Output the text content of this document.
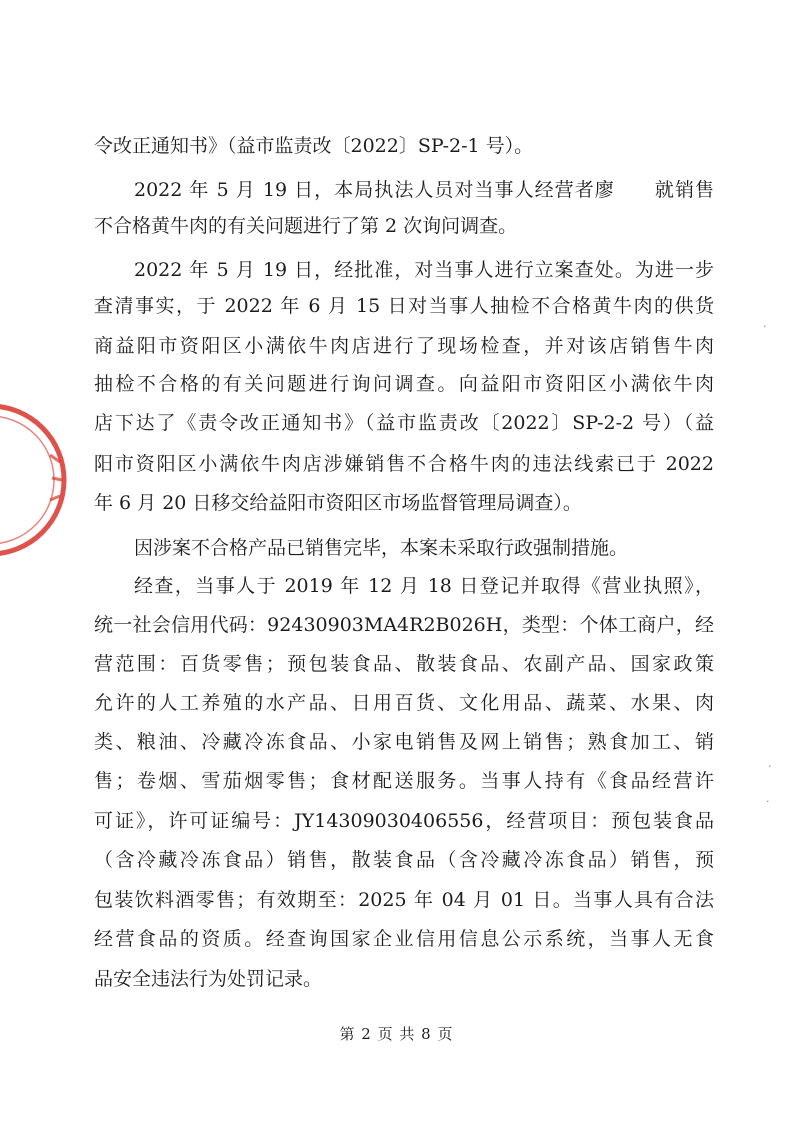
令改正通知书》（益市监责改〔2022〕SP-2-1 号）。
2022 年 5 月 19 日，本局执法人员对当事人经营者廖　　就销售
不合格黄牛肉的有关问题进行了第 2 次询问调查。
2022 年 5 月 19 日，经批准，对当事人进行立案查处。为进一步
查清事实，于 2022 年 6 月 15 日对当事人抽检不合格黄牛肉的供货
商益阳市资阳区小满依牛肉店进行了现场检查，并对该店销售牛肉
抽检不合格的有关问题进行询问调查。向益阳市资阳区小满依牛肉
店下达了《责令改正通知书》（益市监责改〔2022〕SP-2-2 号）（益
阳市资阳区小满依牛肉店涉嫌销售不合格牛肉的违法线索已于 2022
年 6 月 20 日移交给益阳市资阳区市场监督管理局调查）。
因涉案不合格产品已销售完毕，本案未采取行政强制措施。
经查，当事人于 2019 年 12 月 18 日登记并取得《营业执照》，
统一社会信用代码：92430903MA4R2B026H，类型：个体工商户，经
营范围：百货零售；预包装食品、散装食品、农副产品、国家政策
允许的人工养殖的水产品、日用百货、文化用品、蔬菜、水果、肉
类、粮油、冷藏冷冻食品、小家电销售及网上销售；熟食加工、销
售；卷烟、雪茄烟零售；食材配送服务。当事人持有《食品经营许
可证》，许可证编号：JY14309030406556，经营项目：预包装食品
（含冷藏冷冻食品）销售，散装食品（含冷藏冷冻食品）销售，预
包装饮料酒零售；有效期至：2025 年 04 月 01 日。当事人具有合法
经营食品的资质。经查询国家企业信用信息公示系统，当事人无食
品安全违法行为处罚记录。
第 2 页 共 8 页
·
·
·
